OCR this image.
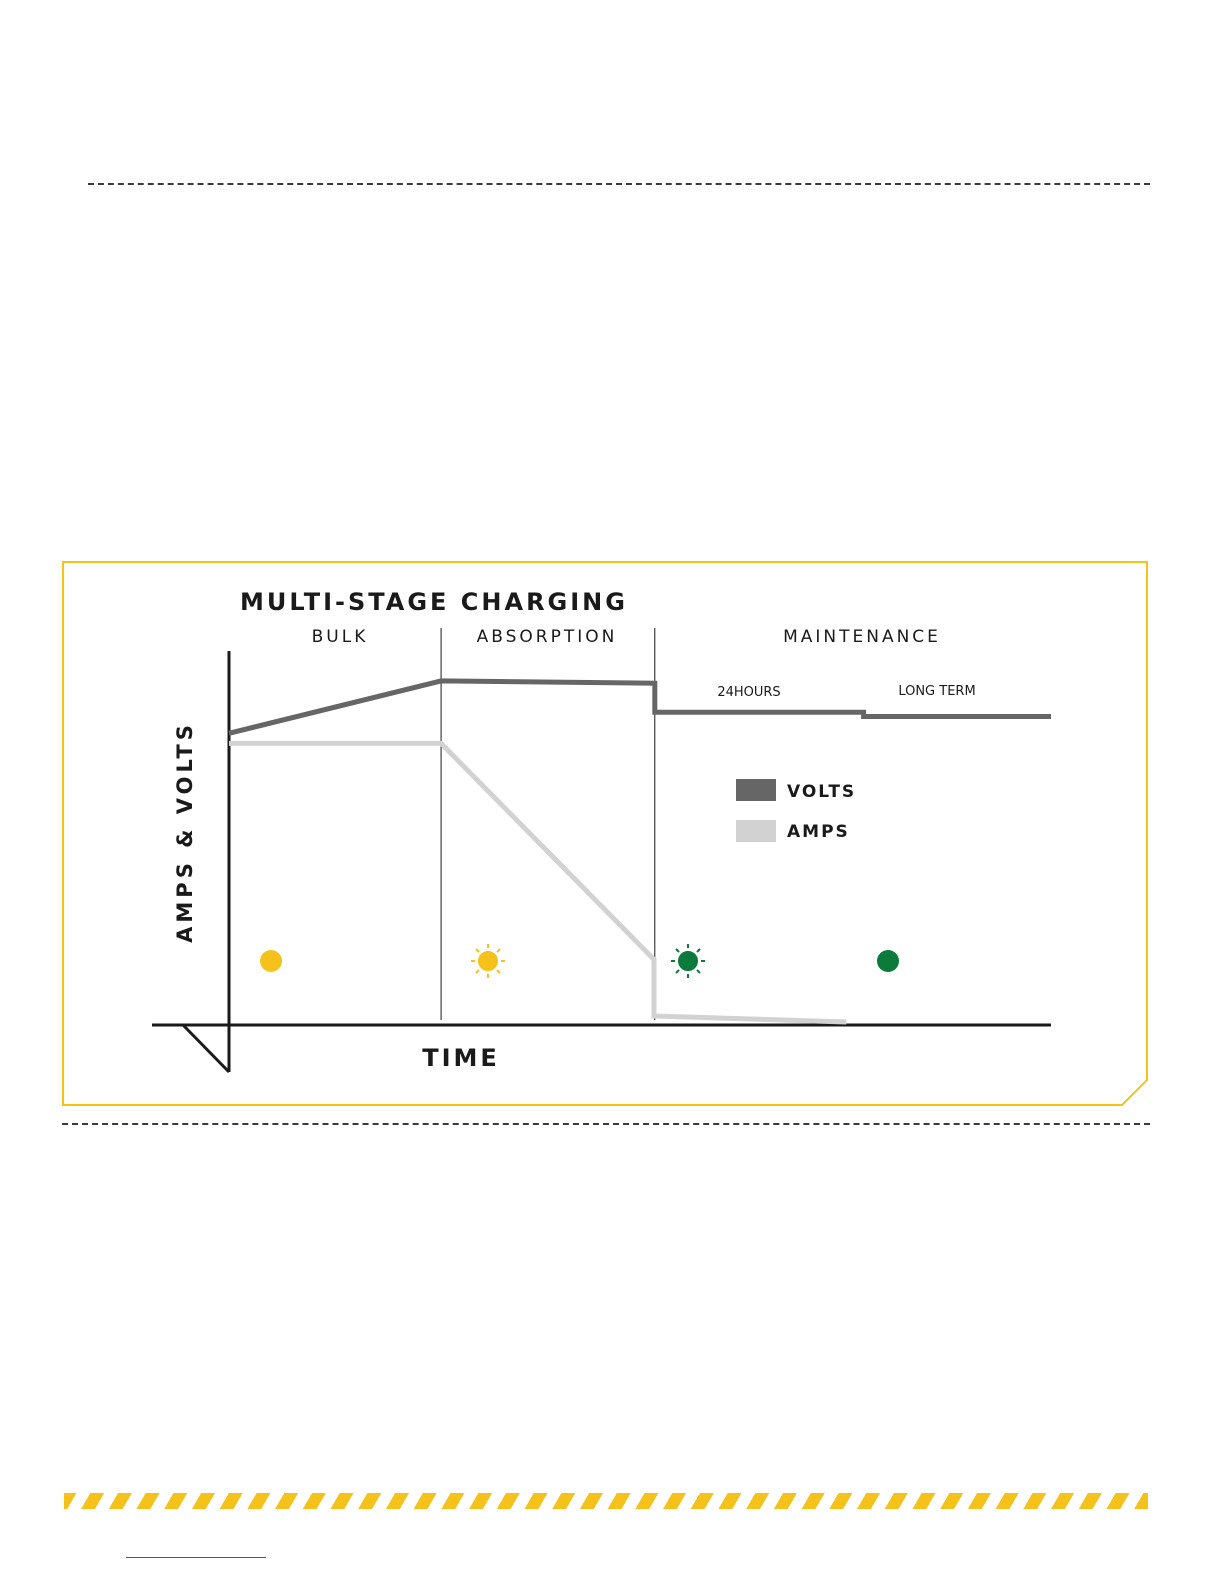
MULTI-STAGE CHARGING
BULK	ABSORPTION	MAINTENANCE
24HOURS	LONG TERM
AMPS & VOLTS
TIME
VOLTS
AMPS
